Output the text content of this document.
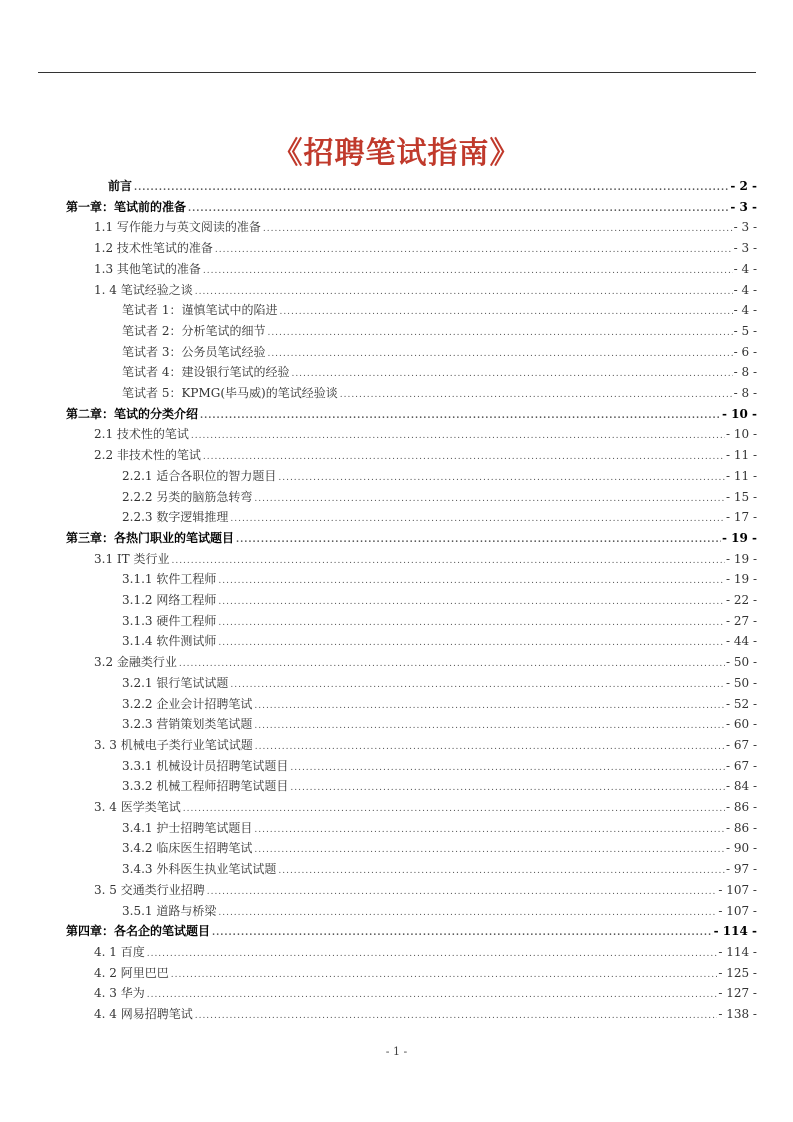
《招聘笔试指南》
前言 .....	- 2 -
第一章：笔试前的准备 .....	- 3 -
1.1 写作能力与英文阅读的准备 .....	- 3 -
1.2 技术性笔试的准备 .....	- 3 -
1.3 其他笔试的准备 .....	- 4 -
1. 4 笔试经验之谈 .....	- 4 -
笔试者 1：谨慎笔试中的陷进 .....	- 4 -
笔试者 2：分析笔试的细节 .....	- 5 -
笔试者 3：公务员笔试经验 .....	- 6 -
笔试者 4：建设银行笔试的经验 .....	- 8 -
笔试者 5：KPMG(毕马威)的笔试经验谈 .....	- 8 -
第二章：笔试的分类介绍 .....	- 10 -
2.1 技术性的笔试 .....	- 10 -
2.2 非技术性的笔试 .....	- 11 -
2.2.1 适合各职位的智力题目 .....	- 11 -
2.2.2 另类的脑筋急转弯 .....	- 15 -
2.2.3 数字逻辑推理 .....	- 17 -
第三章：各热门职业的笔试题目 .....	- 19 -
3.1 IT 类行业 .....	- 19 -
3.1.1 软件工程师 .....	- 19 -
3.1.2 网络工程师 .....	- 22 -
3.1.3 硬件工程师 .....	- 27 -
3.1.4 软件测试师 .....	- 44 -
3.2 金融类行业 .....	- 50 -
3.2.1 银行笔试试题 .....	- 50 -
3.2.2 企业会计招聘笔试 .....	- 52 -
3.2.3 营销策划类笔试题 .....	- 60 -
3. 3 机械电子类行业笔试试题 .....	- 67 -
3.3.1 机械设计员招聘笔试题目 .....	- 67 -
3.3.2 机械工程师招聘笔试题目 .....	- 84 -
3. 4 医学类笔试 .....	- 86 -
3.4.1 护士招聘笔试题目 .....	- 86 -
3.4.2 临床医生招聘笔试 .....	- 90 -
3.4.3 外科医生执业笔试试题 .....	- 97 -
3. 5 交通类行业招聘 .....	- 107 -
3.5.1 道路与桥梁 .....	- 107 -
第四章：各名企的笔试题目 .....	- 114 -
4. 1 百度 .....	- 114 -
4. 2 阿里巴巴 .....	- 125 -
4. 3 华为 .....	- 127 -
4. 4 网易招聘笔试 .....	- 138 -
- 1 -
